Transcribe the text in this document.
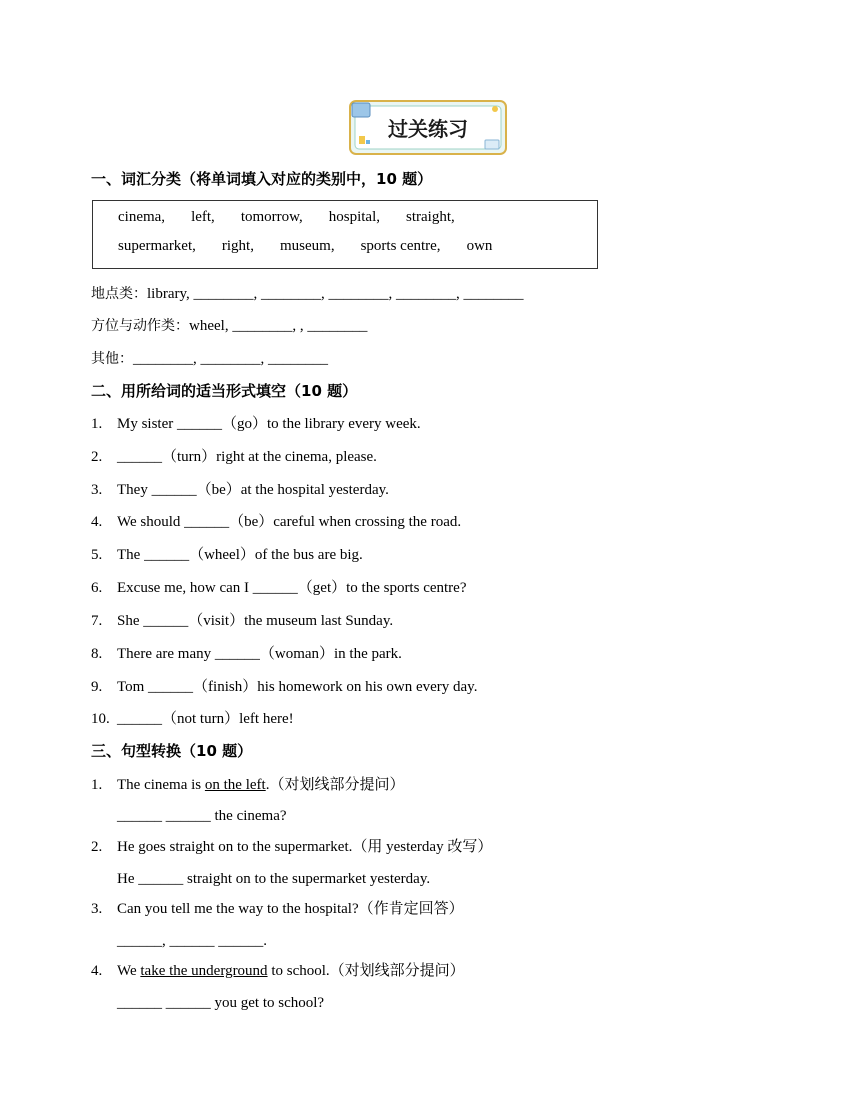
过关练习
一、词汇分类（将单词填入对应的类别中，10 题）
cinema, left, tomorrow, hospital, straight,
supermarket, right, museum, sports centre, own
地点类：library, ________, ________, ________, ________, ________
方位与动作类：wheel, ________, , ________
其他：________, ________, ________
二、用所给词的适当形式填空（10 题）
1. My sister ______（go）to the library every week.
2. ______（turn）right at the cinema, please.
3. They ______（be）at the hospital yesterday.
4. We should ______（be）careful when crossing the road.
5. The ______（wheel）of the bus are big.
6. Excuse me, how can I ______（get）to the sports centre?
7. She ______（visit）the museum last Sunday.
8. There are many ______（woman）in the park.
9. Tom ______（finish）his homework on his own every day.
10. ______（not turn）left here!
三、句型转换（10 题）
1. The cinema is on the left.（对划线部分提问）
______ ______ the cinema?
2. He goes straight on to the supermarket.（用 yesterday 改写）
He ______ straight on to the supermarket yesterday.
3. Can you tell me the way to the hospital?（作肯定回答）
______, ______ ______.
4. We take the underground to school.（对划线部分提问）
______ ______ you get to school?
